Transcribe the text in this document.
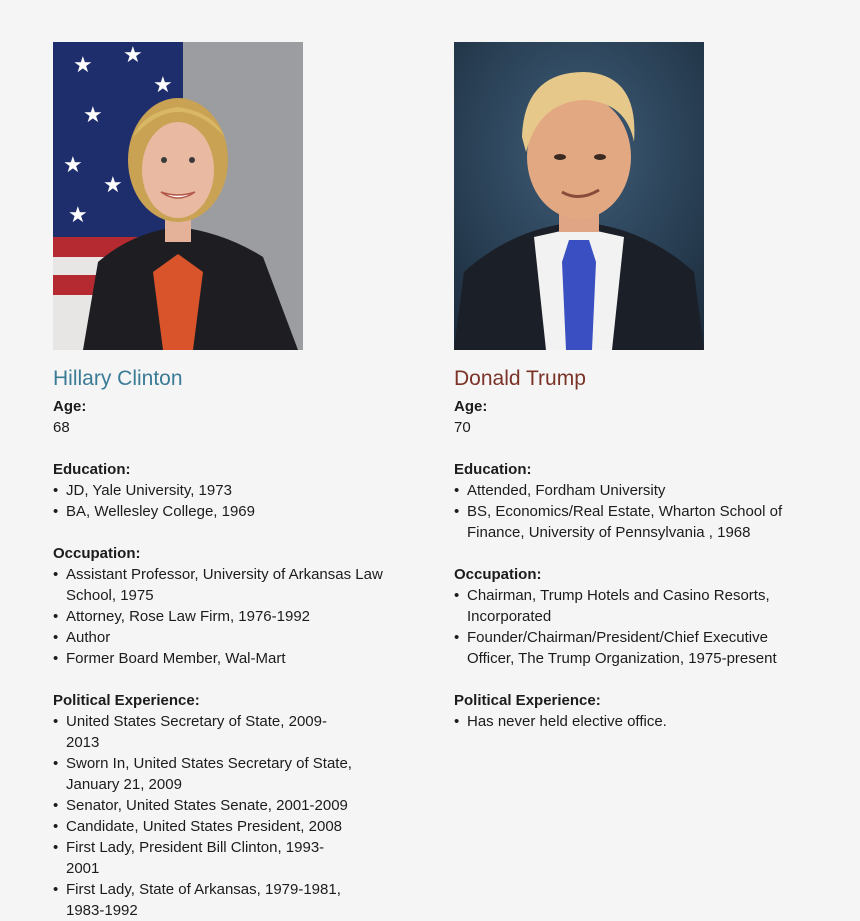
★ ★
★
★
★
★
★
Hillary Clinton

Age:

68

Education:

• JD, Yale University, 1973
• BA, Wellesley College, 1969

Occupation:

• Assistant Professor, University of Arkansas Law School, 1975
• Attorney, Rose Law Firm, 1976-1992
• Author
• Former Board Member, Wal-Mart

Political Experience:

• United States Secretary of State, 2009-2013
• Sworn In, United States Secretary of State, January 21, 2009
• Senator, United States Senate, 2001-2009
• Candidate, United States President, 2008
• First Lady, President Bill Clinton, 1993-2001
• First Lady, State of Arkansas, 1979-1981, 1983-1992
Donald Trump

Age:

70

Education:

• Attended, Fordham University
• BS, Economics/Real Estate, Wharton School of Finance, University of Pennsylvania , 1968

Occupation:

• Chairman, Trump Hotels and Casino Resorts, Incorporated
• Founder/Chairman/President/Chief Executive Officer, The Trump Organization, 1975-present

Political Experience:

• Has never held elective office.
